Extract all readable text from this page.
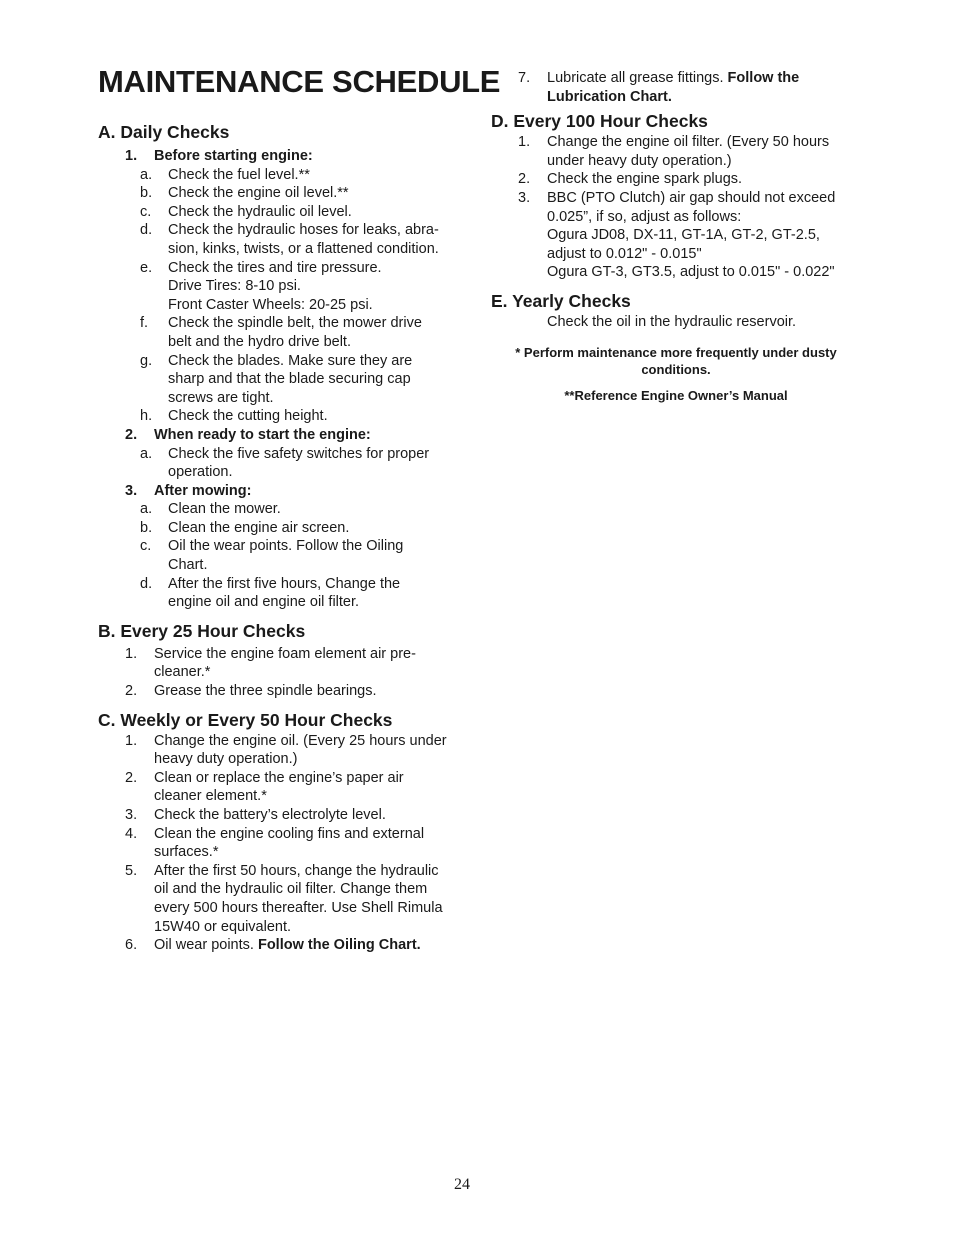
MAINTENANCE SCHEDULE
A. Daily Checks

1. Before starting engine:

a. Check the fuel level.**

b. Check the engine oil level.**

c. Check the hydraulic oil level.

d. Check the hydraulic hoses for leaks, abra-
sion, kinks, twists, or a flattened condition.

e. Check the tires and tire pressure.
Drive Tires: 8-10 psi.
Front Caster Wheels: 20-25 psi.

f. Check the spindle belt, the mower drive
belt and the hydro drive belt.

g. Check the blades. Make sure they are
sharp and that the blade securing cap
screws are tight.

h. Check the cutting height.

2. When ready to start the engine:

a. Check the five safety switches for proper
operation.

3. After mowing:

a. Clean the mower.

b. Clean the engine air screen.

c. Oil the wear points. Follow the Oiling
Chart.

d. After the first five hours, Change the
engine oil and engine oil filter.

B. Every 25 Hour Checks

1. Service the engine foam element air pre-
cleaner.*

2. Grease the three spindle bearings.

C. Weekly or Every 50 Hour Checks

1. Change the engine oil. (Every 25 hours under
heavy duty operation.)

2. Clean or replace the engine’s paper air
cleaner element.*

3. Check the battery’s electrolyte level.

4. Clean the engine cooling fins and external
surfaces.*

5. After the first 50 hours, change the hydraulic
oil and the hydraulic oil filter. Change them
every 500 hours thereafter. Use Shell Rimula
15W40 or equivalent.

6. Oil wear points. Follow the Oiling Chart.

7. Lubricate all grease fittings. Follow the
Lubrication Chart.

D. Every 100 Hour Checks

1. Change the engine oil filter. (Every 50 hours
under heavy duty operation.)

2. Check the engine spark plugs.

3. BBC (PTO Clutch) air gap should not exceed
0.025”, if so, adjust as follows:
Ogura JD08, DX-11, GT-1A, GT-2, GT-2.5,
adjust to 0.012" - 0.015"
Ogura GT-3, GT3.5, adjust to 0.015" - 0.022"

E. Yearly Checks

Check the oil in the hydraulic reservoir.

* Perform maintenance more frequently under dusty
conditions.

**Reference Engine Owner’s Manual

24
